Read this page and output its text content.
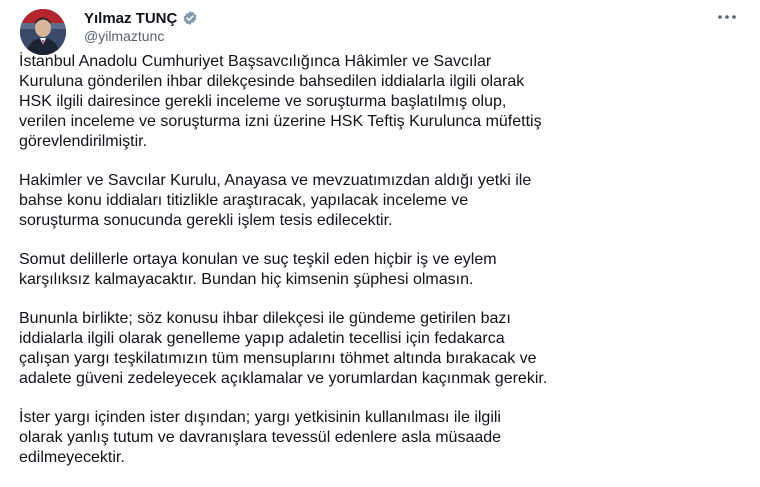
Yılmaz TUNÇ
@yilmaztunc

İstanbul Anadolu Cumhuriyet Başsavcılığınca Hâkimler ve Savcılar
Kuruluna gönderilen ihbar dilekçesinde bahsedilen iddialarla ilgili olarak
HSK ilgili dairesince gerekli inceleme ve soruşturma başlatılmış olup,
verilen inceleme ve soruşturma izni üzerine HSK Teftiş Kurulunca müfettiş
görevlendirilmiştir.

Hakimler ve Savcılar Kurulu, Anayasa ve mevzuatımızdan aldığı yetki ile
bahse konu iddiaları titizlikle araştıracak, yapılacak inceleme ve
soruşturma sonucunda gerekli işlem tesis edilecektir.

Somut delillerle ortaya konulan ve suç teşkil eden hiçbir iş ve eylem
karşılıksız kalmayacaktır. Bundan hiç kimsenin şüphesi olmasın.

Bununla birlikte; söz konusu ihbar dilekçesi ile gündeme getirilen bazı
iddialarla ilgili olarak genelleme yapıp adaletin tecellisi için fedakarca
çalışan yargı teşkilatımızın tüm mensuplarını töhmet altında bırakacak ve
adalete güveni zedeleyecek açıklamalar ve yorumlardan kaçınmak gerekir.

İster yargı içinden ister dışından; yargı yetkisinin kullanılması ile ilgili
olarak yanlış tutum ve davranışlara tevessül edenlere asla müsaade
edilmeyecektir.
